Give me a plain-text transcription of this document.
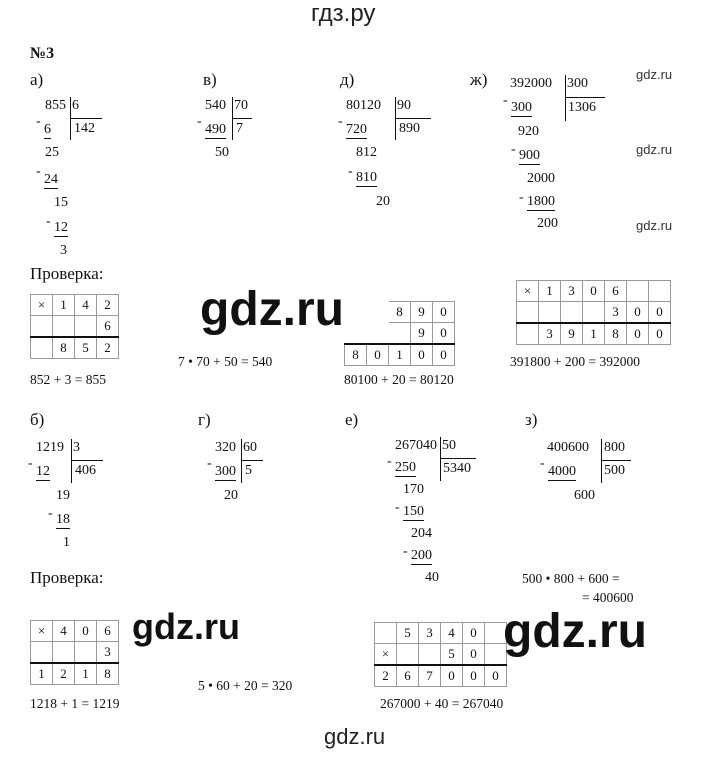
гдз.ру
gdz.ru
gdz.ru
gdz.ru
№3
а)
855 6
142
-
6
25
-
24
15
- 12
3
в)
540 70
7
-
490
50
д)
80120 90
890
-
720
812
- 810
20
ж) 392000 300
1306
- 300
920
- 900
2000
- 1800
200
Проверка:
×	1	4	2
			6
	8	5	2
852 + 3 = 855
7 • 70 + 50 = 540
		8	9	0
			9	0
8	0	1	0	0
80100 + 20 = 80120
×	1	3	0	6		
				3	0	0
	3	9	1	8	0	0
391800 + 200 = 392000
gdz.ru
б)
1219 3
406
-
12
19
- 18
1
г)
320 60
5
-
300
20
е)
267040 50
5340
- 250
170
- 150
204
- 200
40
з)
400600 800
500
-
4000
600
Проверка:
×	4	0	6
			3
1	2	1	8
1218 + 1 = 1219
5 • 60 + 20 = 320
	5	3	4	0	
×			5	0	
2	6	7	0	0	0
267000 + 40 = 267040
500 • 800 + 600 =
= 400600
gdz.ru	gdz.ru
gdz.ru
